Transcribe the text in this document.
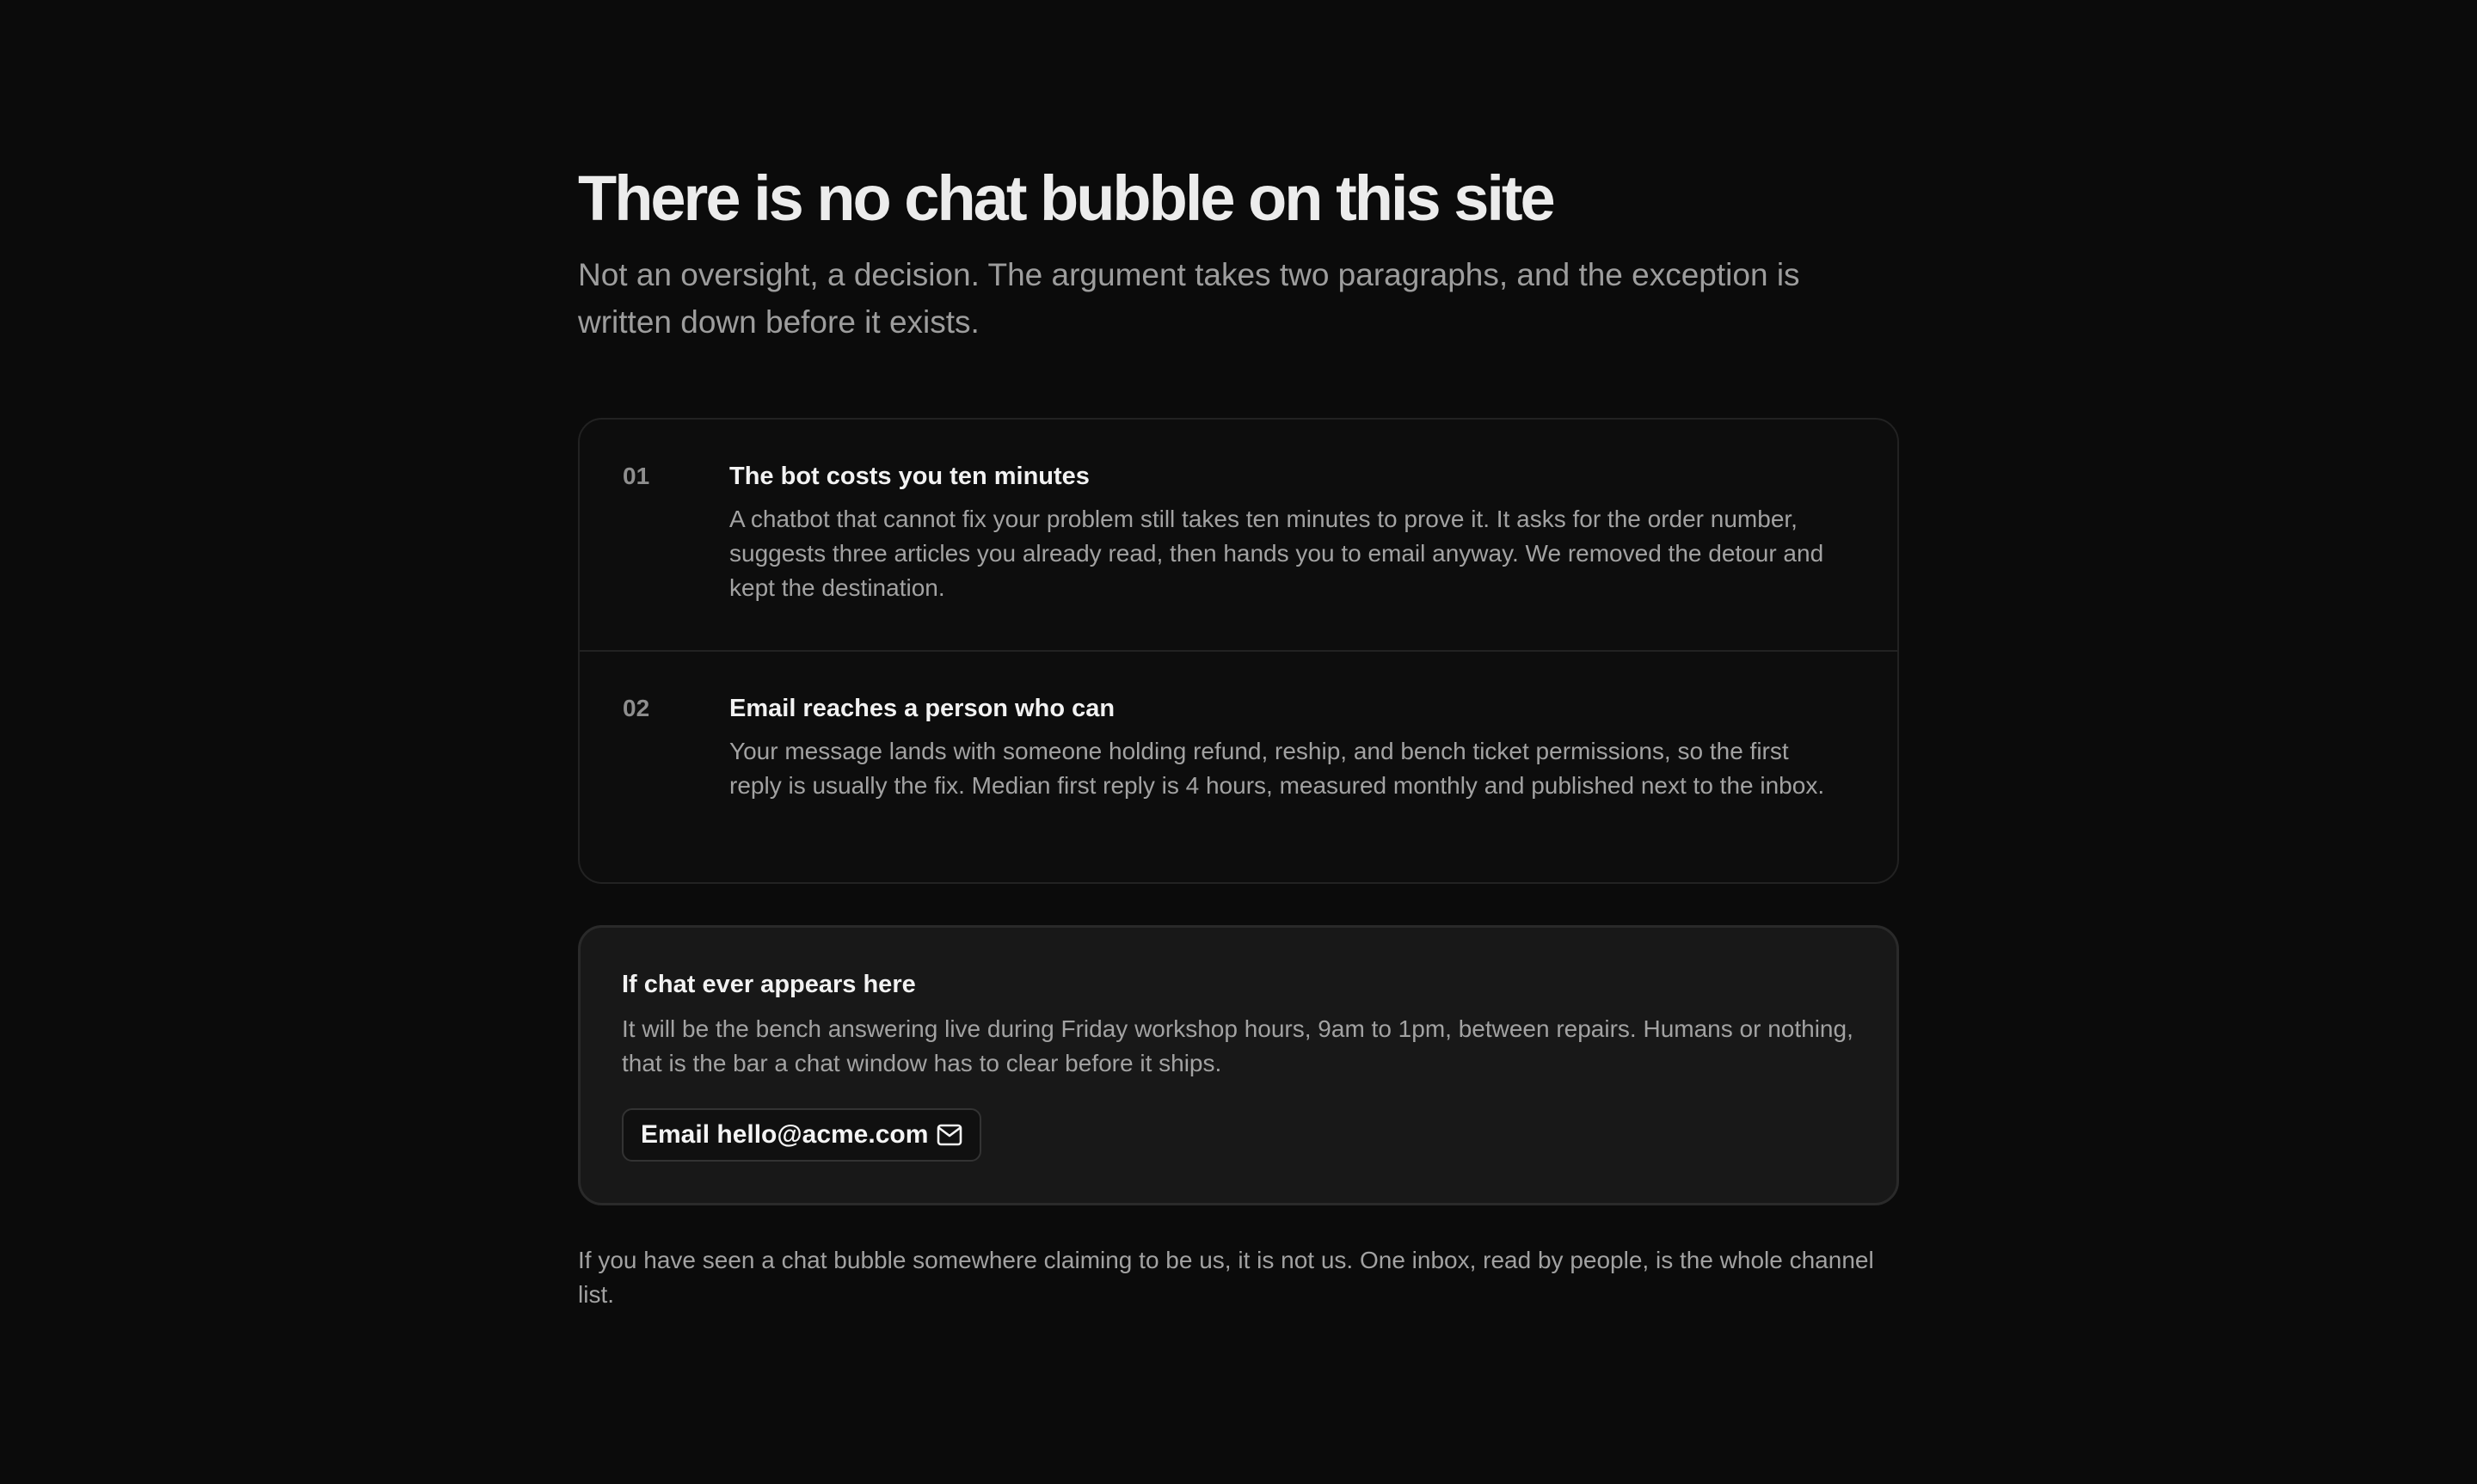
There is no chat bubble on this site

Not an oversight, a decision. The argument takes two paragraphs, and the exception is written down before it exists.

01	The bot costs you ten minutes
A chatbot that cannot fix your problem still takes ten minutes to prove it. It asks for the order number, suggests three articles you already read, then hands you to email anyway. We removed the detour and kept the destination.
02	Email reaches a person who can
Your message lands with someone holding refund, reship, and bench ticket permissions, so the first reply is usually the fix. Median first reply is 4 hours, measured monthly and published next to the inbox.
If chat ever appears here
It will be the bench answering live during Friday workshop hours, 9am to 1pm, between repairs. Humans or nothing, that is the bar a chat window has to clear before it ships.
Email hello@acme.com

If you have seen a chat bubble somewhere claiming to be us, it is not us. One inbox, read by people, is the whole channel list.
